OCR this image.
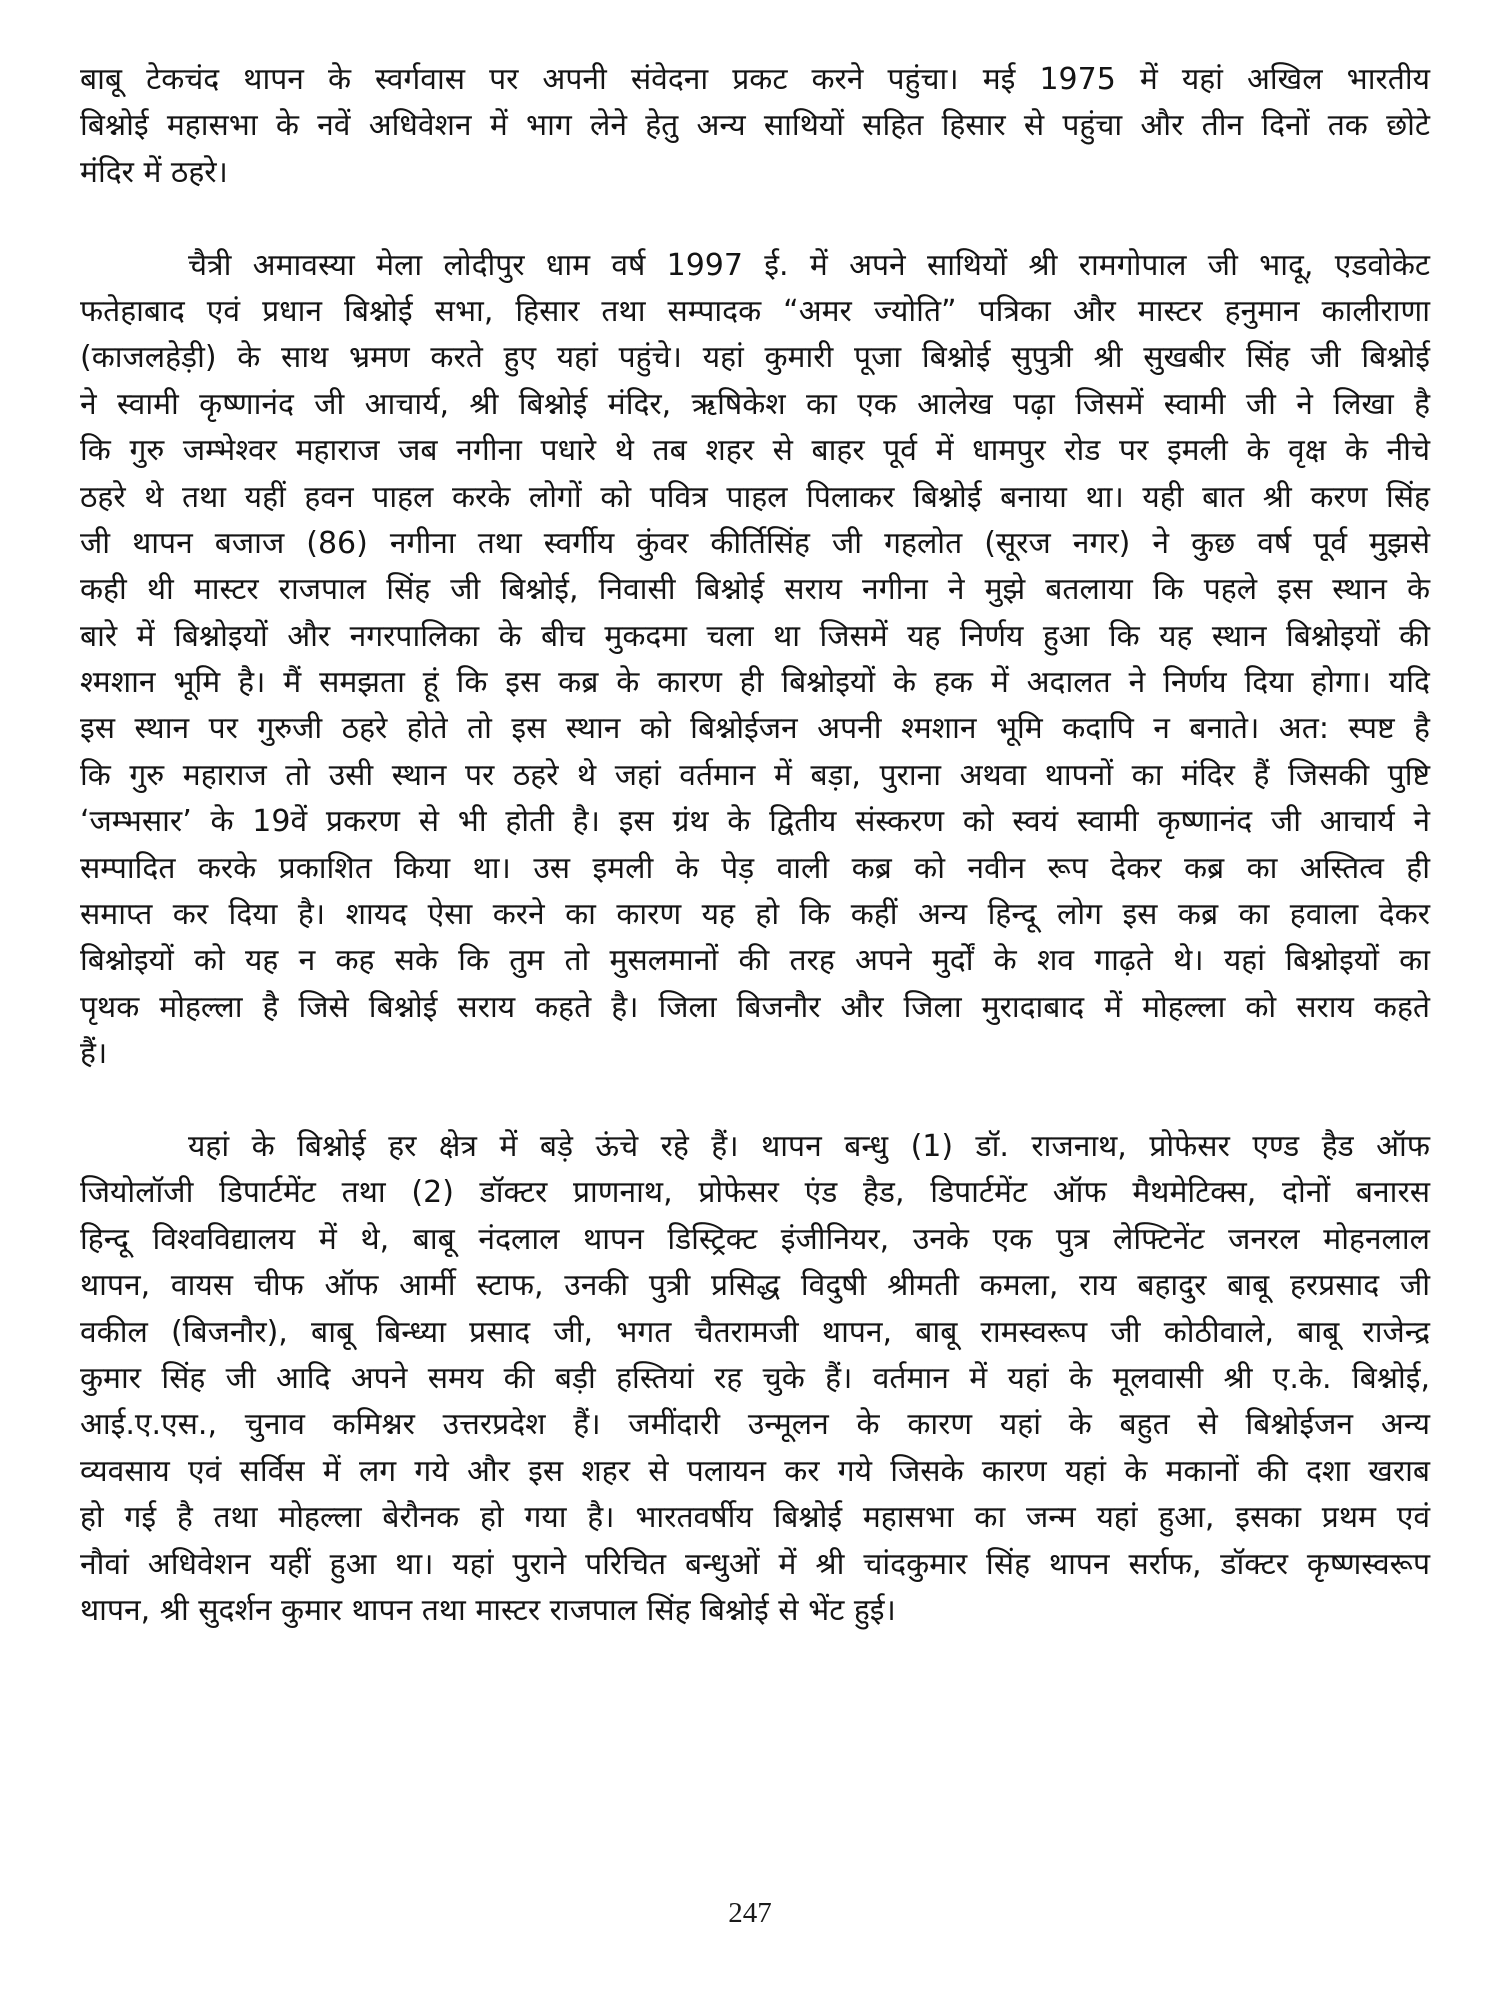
बाबू टेकचंद थापन के स्वर्गवास पर अपनी संवेदना प्रकट करने पहुंचा। मई 1975 में यहां अखिल भारतीय
बिश्नोई महासभा के नवें अधिवेशन में भाग लेने हेतु अन्य साथियों सहित हिसार से पहुंचा और तीन दिनों तक छोटे
मंदिर में ठहरे।
चैत्री अमावस्या मेला लोदीपुर धाम वर्ष 1997 ई. में अपने साथियों श्री रामगोपाल जी भादू, एडवोकेट
फतेहाबाद एवं प्रधान बिश्नोई सभा, हिसार तथा सम्पादक “अमर ज्योति” पत्रिका और मास्टर हनुमान कालीराणा
(काजलहेड़ी) के साथ भ्रमण करते हुए यहां पहुंचे। यहां कुमारी पूजा बिश्नोई सुपुत्री श्री सुखबीर सिंह जी बिश्नोई
ने स्वामी कृष्णानंद जी आचार्य, श्री बिश्नोई मंदिर, ऋषिकेश का एक आलेख पढ़ा जिसमें स्वामी जी ने लिखा है
कि गुरु जम्भेश्वर महाराज जब नगीना पधारे थे तब शहर से बाहर पूर्व में धामपुर रोड पर इमली के वृक्ष के नीचे
ठहरे थे तथा यहीं हवन पाहल करके लोगों को पवित्र पाहल पिलाकर बिश्नोई बनाया था। यही बात श्री करण सिंह
जी थापन बजाज (86) नगीना तथा स्वर्गीय कुंवर कीर्तिसिंह जी गहलोत (सूरज नगर) ने कुछ वर्ष पूर्व मुझसे
कही थी मास्टर राजपाल सिंह जी बिश्नोई, निवासी बिश्नोई सराय नगीना ने मुझे बतलाया कि पहले इस स्थान के
बारे में बिश्नोइयों और नगरपालिका के बीच मुकदमा चला था जिसमें यह निर्णय हुआ कि यह स्थान बिश्नोइयों की
श्मशान भूमि है। मैं समझता हूं कि इस कब्र के कारण ही बिश्नोइयों के हक में अदालत ने निर्णय दिया होगा। यदि
इस स्थान पर गुरुजी ठहरे होते तो इस स्थान को बिश्नोईजन अपनी श्मशान भूमि कदापि न बनाते। अत: स्पष्ट है
कि गुरु महाराज तो उसी स्थान पर ठहरे थे जहां वर्तमान में बड़ा, पुराना अथवा थापनों का मंदिर हैं जिसकी पुष्टि
‘जम्भसार’ के 19वें प्रकरण से भी होती है। इस ग्रंथ के द्वितीय संस्करण को स्वयं स्वामी कृष्णानंद जी आचार्य ने
सम्पादित करके प्रकाशित किया था। उस इमली के पेड़ वाली कब्र को नवीन रूप देकर कब्र का अस्तित्व ही
समाप्त कर दिया है। शायद ऐसा करने का कारण यह हो कि कहीं अन्य हिन्दू लोग इस कब्र का हवाला देकर
बिश्नोइयों को यह न कह सके कि तुम तो मुसलमानों की तरह अपने मुर्दों के शव गाढ़ते थे। यहां बिश्नोइयों का
पृथक मोहल्ला है जिसे बिश्नोई सराय कहते है। जिला बिजनौर और जिला मुरादाबाद में मोहल्ला को सराय कहते
हैं।
यहां के बिश्नोई हर क्षेत्र में बड़े ऊंचे रहे हैं। थापन बन्धु (1) डॉ. राजनाथ, प्रोफेसर एण्ड हैड ऑफ
जियोलॉजी डिपार्टमेंट तथा (2) डॉक्टर प्राणनाथ, प्रोफेसर एंड हैड, डिपार्टमेंट ऑफ मैथमेटिक्स, दोनों बनारस
हिन्दू विश्वविद्यालय में थे, बाबू नंदलाल थापन डिस्ट्रिक्ट इंजीनियर, उनके एक पुत्र लेफ्टिनेंट जनरल मोहनलाल
थापन, वायस चीफ ऑफ आर्मी स्टाफ, उनकी पुत्री प्रसिद्ध विदुषी श्रीमती कमला, राय बहादुर बाबू हरप्रसाद जी
वकील (बिजनौर), बाबू बिन्ध्या प्रसाद जी, भगत चैतरामजी थापन, बाबू रामस्वरूप जी कोठीवाले, बाबू राजेन्द्र
कुमार सिंह जी आदि अपने समय की बड़ी हस्तियां रह चुके हैं। वर्तमान में यहां के मूलवासी श्री ए.के. बिश्नोई,
आई.ए.एस., चुनाव कमिश्नर उत्तरप्रदेश हैं। जमींदारी उन्मूलन के कारण यहां के बहुत से बिश्नोईजन अन्य
व्यवसाय एवं सर्विस में लग गये और इस शहर से पलायन कर गये जिसके कारण यहां के मकानों की दशा खराब
हो गई है तथा मोहल्ला बेरौनक हो गया है। भारतवर्षीय बिश्नोई महासभा का जन्म यहां हुआ, इसका प्रथम एवं
नौवां अधिवेशन यहीं हुआ था। यहां पुराने परिचित बन्धुओं में श्री चांदकुमार सिंह थापन सर्राफ, डॉक्टर कृष्णस्वरूप
थापन, श्री सुदर्शन कुमार थापन तथा मास्टर राजपाल सिंह बिश्नोई से भेंट हुई।
247
